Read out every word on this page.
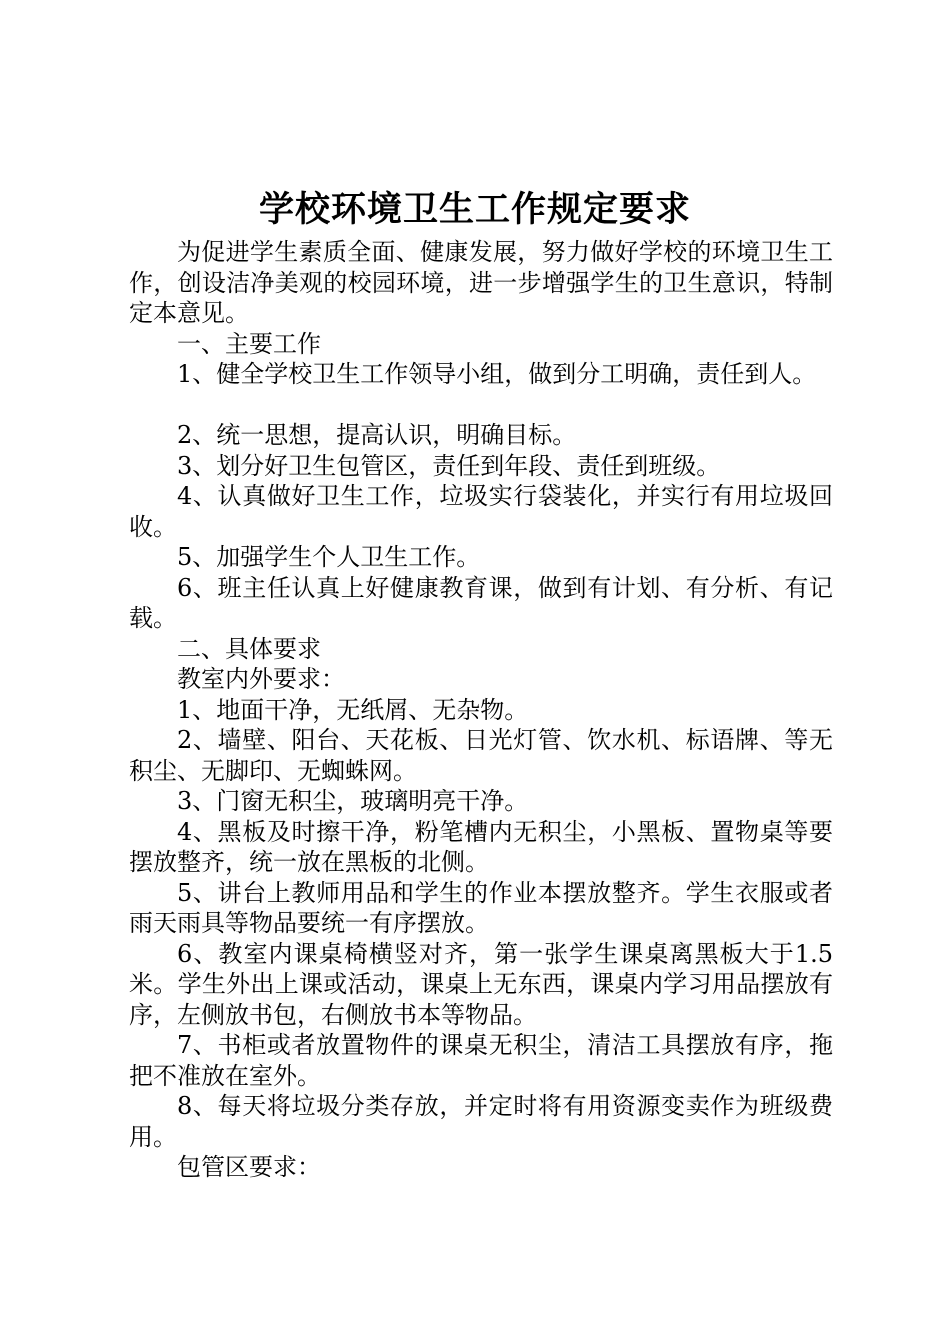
学校环境卫生工作规定要求

为促进学生素质全面、健康发展，努力做好学校的环境卫生工作，创设洁净美观的校园环境，进一步增强学生的卫生意识，特制定本意见。

一、主要工作

1、健全学校卫生工作领导小组，做到分工明确，责任到人。

2、统一思想，提高认识，明确目标。

3、划分好卫生包管区，责任到年段、责任到班级。

4、认真做好卫生工作，垃圾实行袋装化，并实行有用垃圾回收。

5、加强学生个人卫生工作。

6、班主任认真上好健康教育课，做到有计划、有分析、有记载。

二、具体要求

教室内外要求：

1、地面干净，无纸屑、无杂物。

2、墙壁、阳台、天花板、日光灯管、饮水机、标语牌、等无积尘、无脚印、无蜘蛛网。

3、门窗无积尘，玻璃明亮干净。

4、黑板及时擦干净，粉笔槽内无积尘，小黑板、置物桌等要摆放整齐，统一放在黑板的北侧。

5、讲台上教师用品和学生的作业本摆放整齐。学生衣服或者雨天雨具等物品要统一有序摆放。

6、教室内课桌椅横竖对齐，第一张学生课桌离黑板大于1.5米。学生外出上课或活动，课桌上无东西，课桌内学习用品摆放有序，左侧放书包，右侧放书本等物品。

7、书柜或者放置物件的课桌无积尘，清洁工具摆放有序，拖把不准放在室外。

8、每天将垃圾分类存放，并定时将有用资源变卖作为班级费用。

包管区要求：
